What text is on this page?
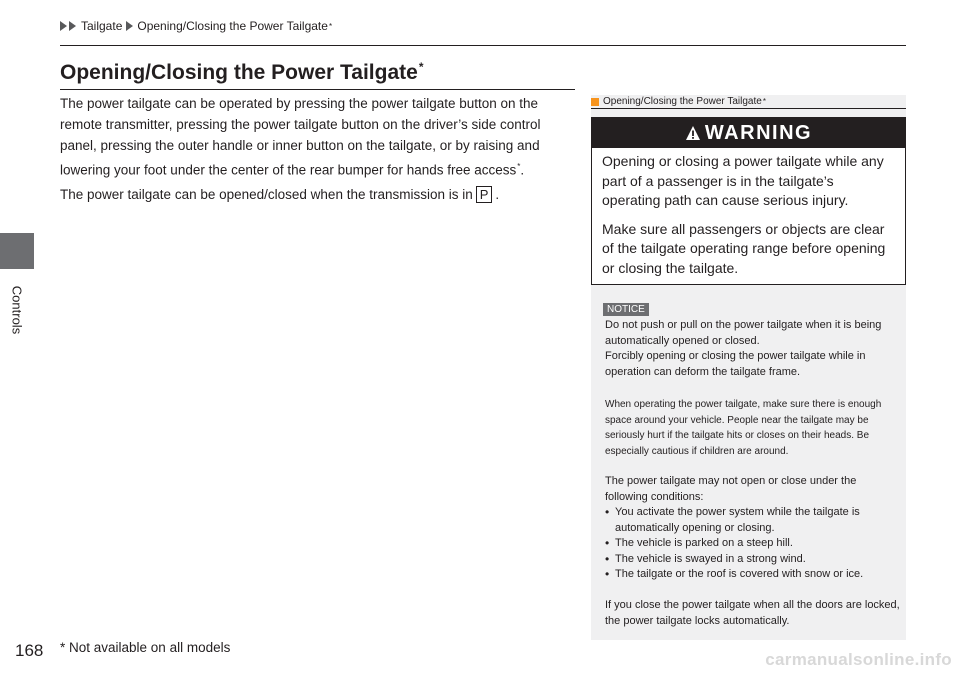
Controls
Tailgate Opening/Closing the Power Tailgate *
Opening/Closing the Power Tailgate*

The power tailgate can be operated by pressing the power tailgate button on the remote transmitter, pressing the power tailgate button on the driver’s side control panel, pressing the outer handle or inner button on the tailgate, or by raising and lowering your foot under the center of the rear bumper for hands free access*.

The power tailgate can be opened/closed when the transmission is in P .

Opening/Closing the Power Tailgate *
WARNING

Opening or closing a power tailgate while any part of a passenger is in the tailgate’s operating path can cause serious injury.

Make sure all passengers or objects are clear of the tailgate operating range before opening or closing the tailgate.

NOTICE

Do not push or pull on the power tailgate when it is being automatically opened or closed.

Forcibly opening or closing the power tailgate while in operation can deform the tailgate frame.

When operating the power tailgate, make sure there is enough space around your vehicle. People near the tailgate may be seriously hurt if the tailgate hits or closes on their heads. Be especially cautious if children are around.

The power tailgate may not open or close under the following conditions:

• You activate the power system while the tailgate is automatically opening or closing.
• The vehicle is parked on a steep hill.
• The vehicle is swayed in a strong wind.
• The tailgate or the roof is covered with snow or ice.

If you close the power tailgate when all the doors are locked, the power tailgate locks automatically.

168 * Not available on all models
carmanualsonline.info
